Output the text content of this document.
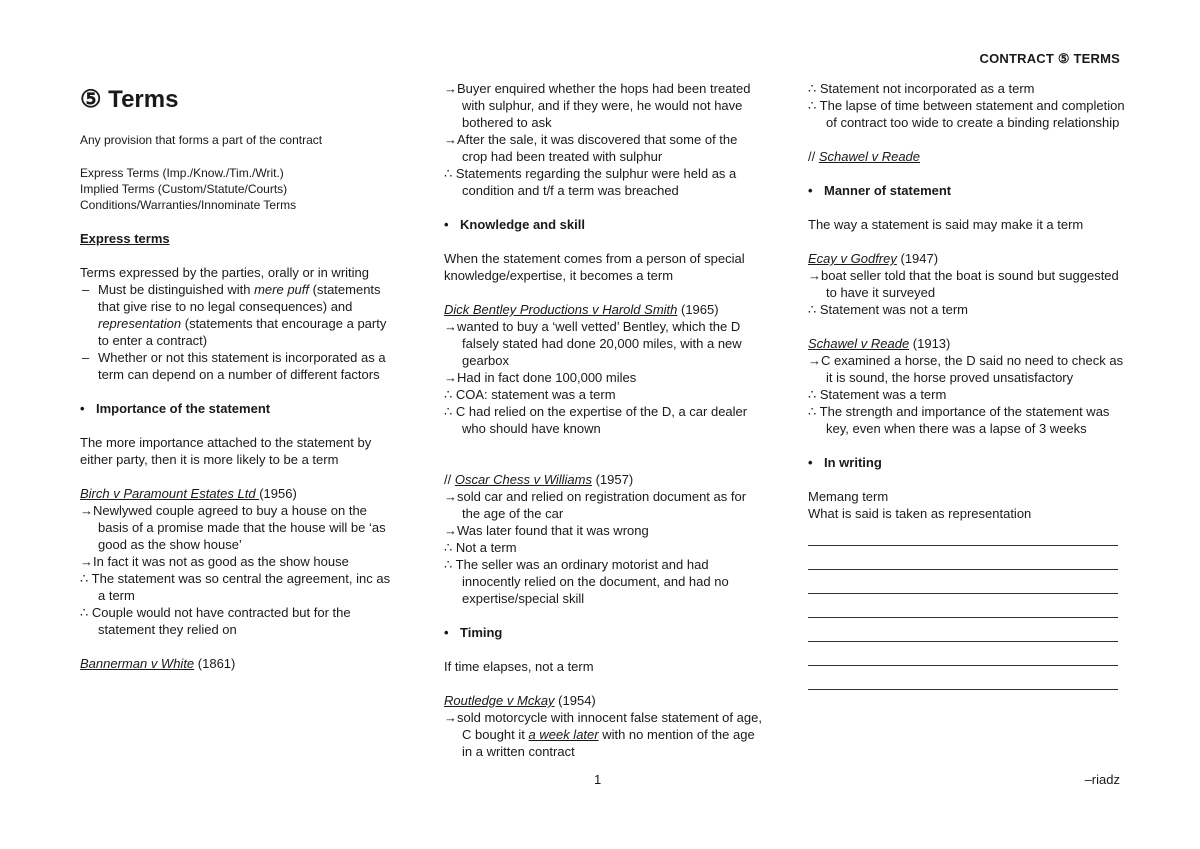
CONTRACT ⑤ TERMS
⑤ Terms
Any provision that forms a part of the contract
Express Terms (Imp./Know./Tim./Writ.)
Implied Terms (Custom/Statute/Courts)
Conditions/Warranties/Innominate Terms
Express terms
Terms expressed by the parties, orally or in writing
– Must be distinguished with mere puff (statements that give rise to no legal consequences) and representation (statements that encourage a party to enter a contract)
– Whether or not this statement is incorporated as a term can depend on a number of different factors
• Importance of the statement
The more importance attached to the statement by either party, then it is more likely to be a term
Birch v Paramount Estates Ltd (1956)
→Newlywed couple agreed to buy a house on the basis of a promise made that the house will be ‘as good as the show house’
→In fact it was not as good as the show house
∴ The statement was so central the agreement, inc as a term
∴ Couple would not have contracted but for the statement they relied on
Bannerman v White (1861)
→Buyer enquired whether the hops had been treated with sulphur, and if they were, he would not have bothered to ask
→After the sale, it was discovered that some of the crop had been treated with sulphur
∴ Statements regarding the sulphur were held as a condition and t/f a term was breached
• Knowledge and skill
When the statement comes from a person of special knowledge/expertise, it becomes a term
Dick Bentley Productions v Harold Smith (1965)
→wanted to buy a ‘well vetted’ Bentley, which the D falsely stated had done 20,000 miles, with a new gearbox
→Had in fact done 100,000 miles
∴ COA: statement was a term
∴ C had relied on the expertise of the D, a car dealer who should have known
// Oscar Chess v Williams (1957)
→sold car and relied on registration document as for the age of the car
→Was later found that it was wrong
∴ Not a term
∴ The seller was an ordinary motorist and had innocently relied on the document, and had no expertise/special skill
• Timing
If time elapses, not a term
Routledge v Mckay (1954)
→sold motorcycle with innocent false statement of age, C bought it a week later with no mention of the age in a written contract
∴ Statement not incorporated as a term
∴ The lapse of time between statement and completion of contract too wide to create a binding relationship
// Schawel v Reade
• Manner of statement
The way a statement is said may make it a term
Ecay v Godfrey (1947)
→boat seller told that the boat is sound but suggested to have it surveyed
∴ Statement was not a term
Schawel v Reade (1913)
→C examined a horse, the D said no need to check as it is sound, the horse proved unsatisfactory
∴ Statement was a term
∴ The strength and importance of the statement was key, even when there was a lapse of 3 weeks
• In writing
Memang term
What is said is taken as representation
1	–riadz
